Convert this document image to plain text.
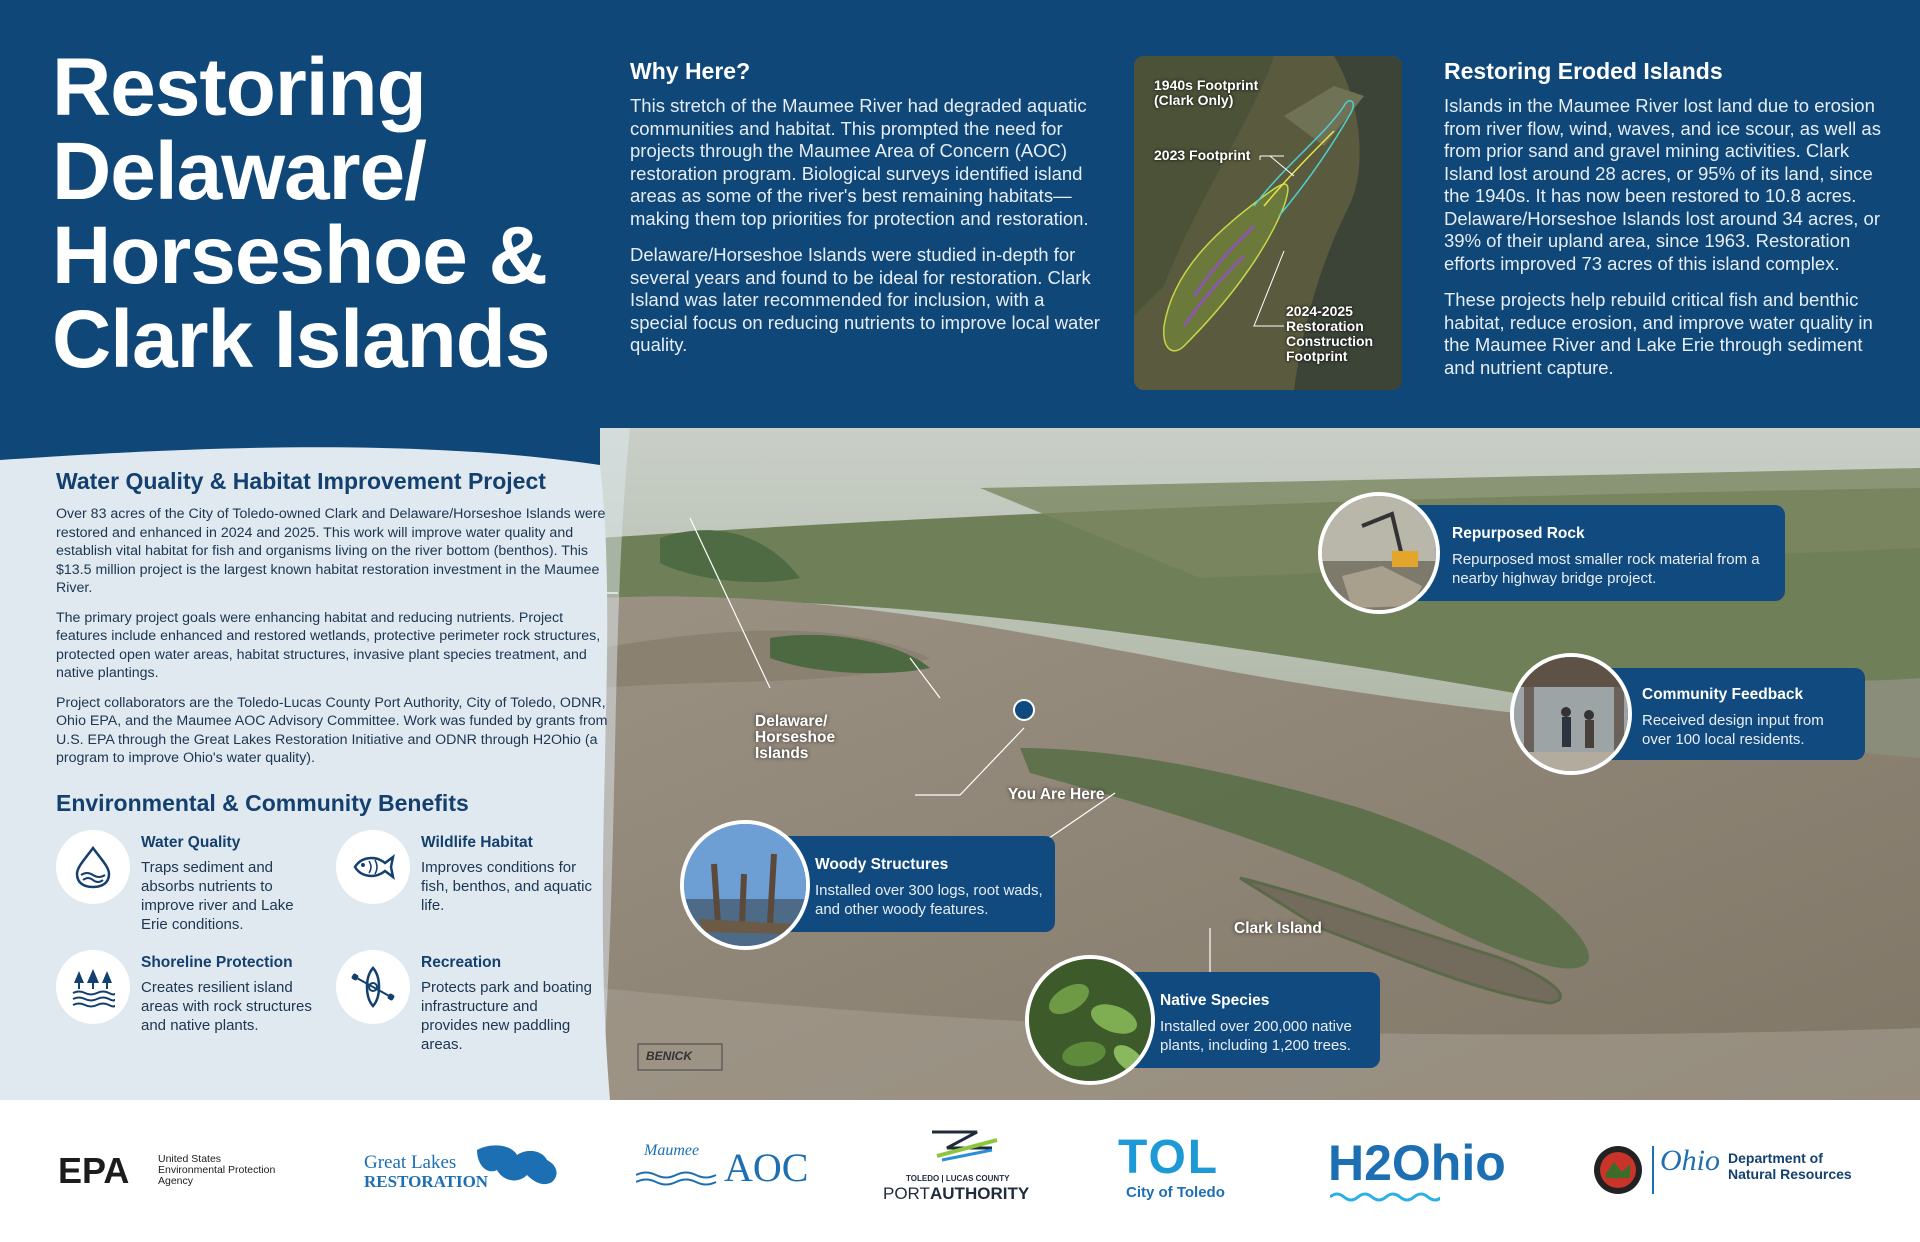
Restoring
Delaware/
Horseshoe &
Clark Islands
Why Here?

This stretch of the Maumee River had degraded aquatic communities and habitat. This prompted the need for projects through the Maumee Area of Concern (AOC) restoration program. Biological surveys identified island areas as some of the river's best remaining habitats—making them top priorities for protection and restoration.

Delaware/Horseshoe Islands were studied in-depth for several years and found to be ideal for restoration. Clark Island was later recommended for inclusion, with a special focus on reducing nutrients to improve local water quality.

1940s Footprint
(Clark Only)
2023 Footprint
2024-2025
Restoration
Construction
Footprint
Restoring Eroded Islands

Islands in the Maumee River lost land due to erosion from river flow, wind, waves, and ice scour, as well as from prior sand and gravel mining activities. Clark Island lost around 28 acres, or 95% of its land, since the 1940s. It has now been restored to 10.8 acres. Delaware/Horseshoe Islands lost around 34 acres, or 39% of their upland area, since 1963. Restoration efforts improved 73 acres of this island complex.

These projects help rebuild critical fish and benthic habitat, reduce erosion, and improve water quality in the Maumee River and Lake Erie through sediment and nutrient capture.

Delaware/
Horseshoe
Islands
You Are Here
Clark Island
BENICK
Water Quality & Habitat Improvement Project

Over 83 acres of the City of Toledo-owned Clark and Delaware/Horseshoe Islands were restored and enhanced in 2024 and 2025. This work will improve water quality and establish vital habitat for fish and organisms living on the river bottom (benthos). This $13.5 million project is the largest known habitat restoration investment in the Maumee River.

The primary project goals were enhancing habitat and reducing nutrients. Project features include enhanced and restored wetlands, protective perimeter rock structures, protected open water areas, habitat structures, invasive plant species treatment, and native plantings.

Project collaborators are the Toledo-Lucas County Port Authority, City of Toledo, ODNR, Ohio EPA, and the Maumee AOC Advisory Committee. Work was funded by grants from U.S. EPA through the Great Lakes Restoration Initiative and ODNR through H2Ohio (a program to improve Ohio's water quality).

Environmental & Community Benefits
Water Quality
Traps sediment and absorbs nutrients to improve river and Lake Erie conditions.
Wildlife Habitat
Improves conditions for fish, benthos, and aquatic life.
Shoreline Protection
Creates resilient island areas with rock structures and native plants.
Recreation
Protects park and boating infrastructure and provides new paddling areas.
Repurposed Rock
Repurposed most smaller rock material from a nearby highway bridge project.
Community Feedback
Received design input from over 100 local residents.
Woody Structures
Installed over 300 logs, root wads, and other woody features.
Native Species
Installed over 200,000 native plants, including 1,200 trees.
EPA	United States
Environmental Protection
Agency
Great Lakes
RESTORATION
Maumee AOC	TOLEDO | LUCAS COUNTY
PORT AUTHORITY
TOL
City of Toledo
H2Ohio	Ohio Department of
Natural Resources
